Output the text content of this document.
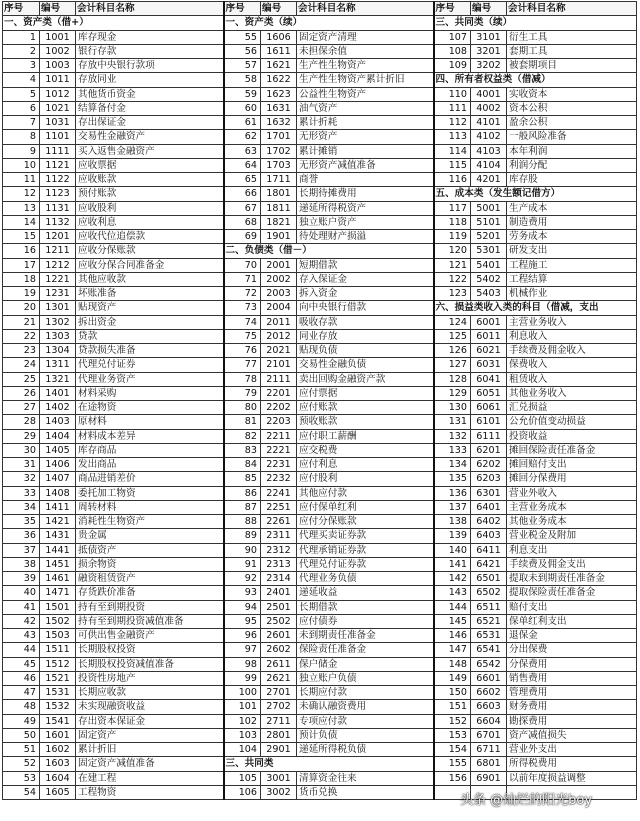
序号	编号	会计科目名称	序号	编号	会计科目名称	序号	编号	会计科目名称
一、资产类（借+）			一、资产类（续）			三、共同类（续）		
1	1001	库存现金	55	1606	固定资产清理	107	3101	衍生工具
2	1002	银行存款	56	1611	未担保余值	108	3201	套期工具
3	1003	存放中央银行款项	57	1621	生产性生物资产	109	3202	被套期项目
4	1011	存放同业	58	1622	生产性生物资产累计折旧	四、所有者权益类（借减）		
5	1012	其他货币资金	59	1623	公益性生物资产	110	4001	实收资本
6	1021	结算备付金	60	1631	油气资产	111	4002	资本公积
7	1031	存出保证金	61	1632	累计折耗	112	4101	盈余公积
8	1101	交易性金融资产	62	1701	无形资产	113	4102	一般风险准备
9	1111	买入返售金融资产	63	1702	累计摊销	114	4103	本年利润
10	1121	应收票据	64	1703	无形资产减值准备	115	4104	利润分配
11	1122	应收账款	65	1711	商誉	116	4201	库存股
12	1123	预付账款	66	1801	长期待摊费用	五、成本类（发生额记借方）		
13	1131	应收股利	67	1811	递延所得税资产	117	5001	生产成本
14	1132	应收利息	68	1821	独立账户资产	118	5101	制造费用
15	1201	应收代位追偿款	69	1901	待处理财产损溢	119	5201	劳务成本
16	1211	应收分保账款	二、负债类（借－）			120	5301	研发支出
17	1212	应收分保合同准备金	70	2001	短期借款	121	5401	工程施工
18	1221	其他应收款	71	2002	存入保证金	122	5402	工程结算
19	1231	坏账准备	72	2003	拆入资金	123	5403	机械作业
20	1301	贴现资产	73	2004	向中央银行借款	六、损益类收入类的科目（借减，支出		
21	1302	拆出资金	74	2011	吸收存款	124	6001	主营业务收入
22	1303	贷款	75	2012	同业存放	125	6011	利息收入
23	1304	贷款损失准备	76	2021	贴现负债	126	6021	手续费及佣金收入
24	1311	代理兑付证券	77	2101	交易性金融负债	127	6031	保费收入
25	1321	代理业务资产	78	2111	卖出回购金融资产款	128	6041	租赁收入
26	1401	材料采购	79	2201	应付票据	129	6051	其他业务收入
27	1402	在途物资	80	2202	应付账款	130	6061	汇兑损益
28	1403	原材料	81	2203	预收账款	131	6101	公允价值变动损益
29	1404	材料成本差异	82	2211	应付职工薪酬	132	6111	投资收益
30	1405	库存商品	83	2221	应交税费	133	6201	摊回保险责任准备金
31	1406	发出商品	84	2231	应付利息	134	6202	摊回赔付支出
32	1407	商品进销差价	85	2232	应付股利	135	6203	摊回分保费用
33	1408	委托加工物资	86	2241	其他应付款	136	6301	营业外收入
34	1411	周转材料	87	2251	应付保单红利	137	6401	主营业务成本
35	1421	消耗性生物资产	88	2261	应付分保账款	138	6402	其他业务成本
36	1431	贵金属	89	2311	代理买卖证券款	139	6403	营业税金及附加
37	1441	抵债资产	90	2312	代理承销证券款	140	6411	利息支出
38	1451	损余物资	91	2313	代理兑付证券款	141	6421	手续费及佣金支出
39	1461	融资租赁资产	92	2314	代理业务负债	142	6501	提取未到期责任准备金
40	1471	存货跌价准备	93	2401	递延收益	143	6502	提取保险责任准备金
41	1501	持有至到期投资	94	2501	长期借款	144	6511	赔付支出
42	1502	持有至到期投资减值准备	95	2502	应付债券	145	6521	保单红利支出
43	1503	可供出售金融资产	96	2601	未到期责任准备金	146	6531	退保金
44	1511	长期股权投资	97	2602	保险责任准备金	147	6541	分出保费
45	1512	长期股权投资减值准备	98	2611	保户储金	148	6542	分保费用
46	1521	投资性房地产	99	2621	独立账户负债	149	6601	销售费用
47	1531	长期应收款	100	2701	长期应付款	150	6602	管理费用
48	1532	未实现融资收益	101	2702	未确认融资费用	151	6603	财务费用
49	1541	存出资本保证金	102	2711	专项应付款	152	6604	勘探费用
50	1601	固定资产	103	2801	预计负债	153	6701	资产减值损失
51	1602	累计折旧	104	2901	递延所得税负债	154	6711	营业外支出
52	1603	固定资产减值准备	三、共同类			155	6801	所得税费用
53	1604	在建工程	105	3001	清算资金往来	156	6901	以前年度损益调整
54	1605	工程物资	106	3002	货币兑换			
头条 @灿烂的阳光boy
